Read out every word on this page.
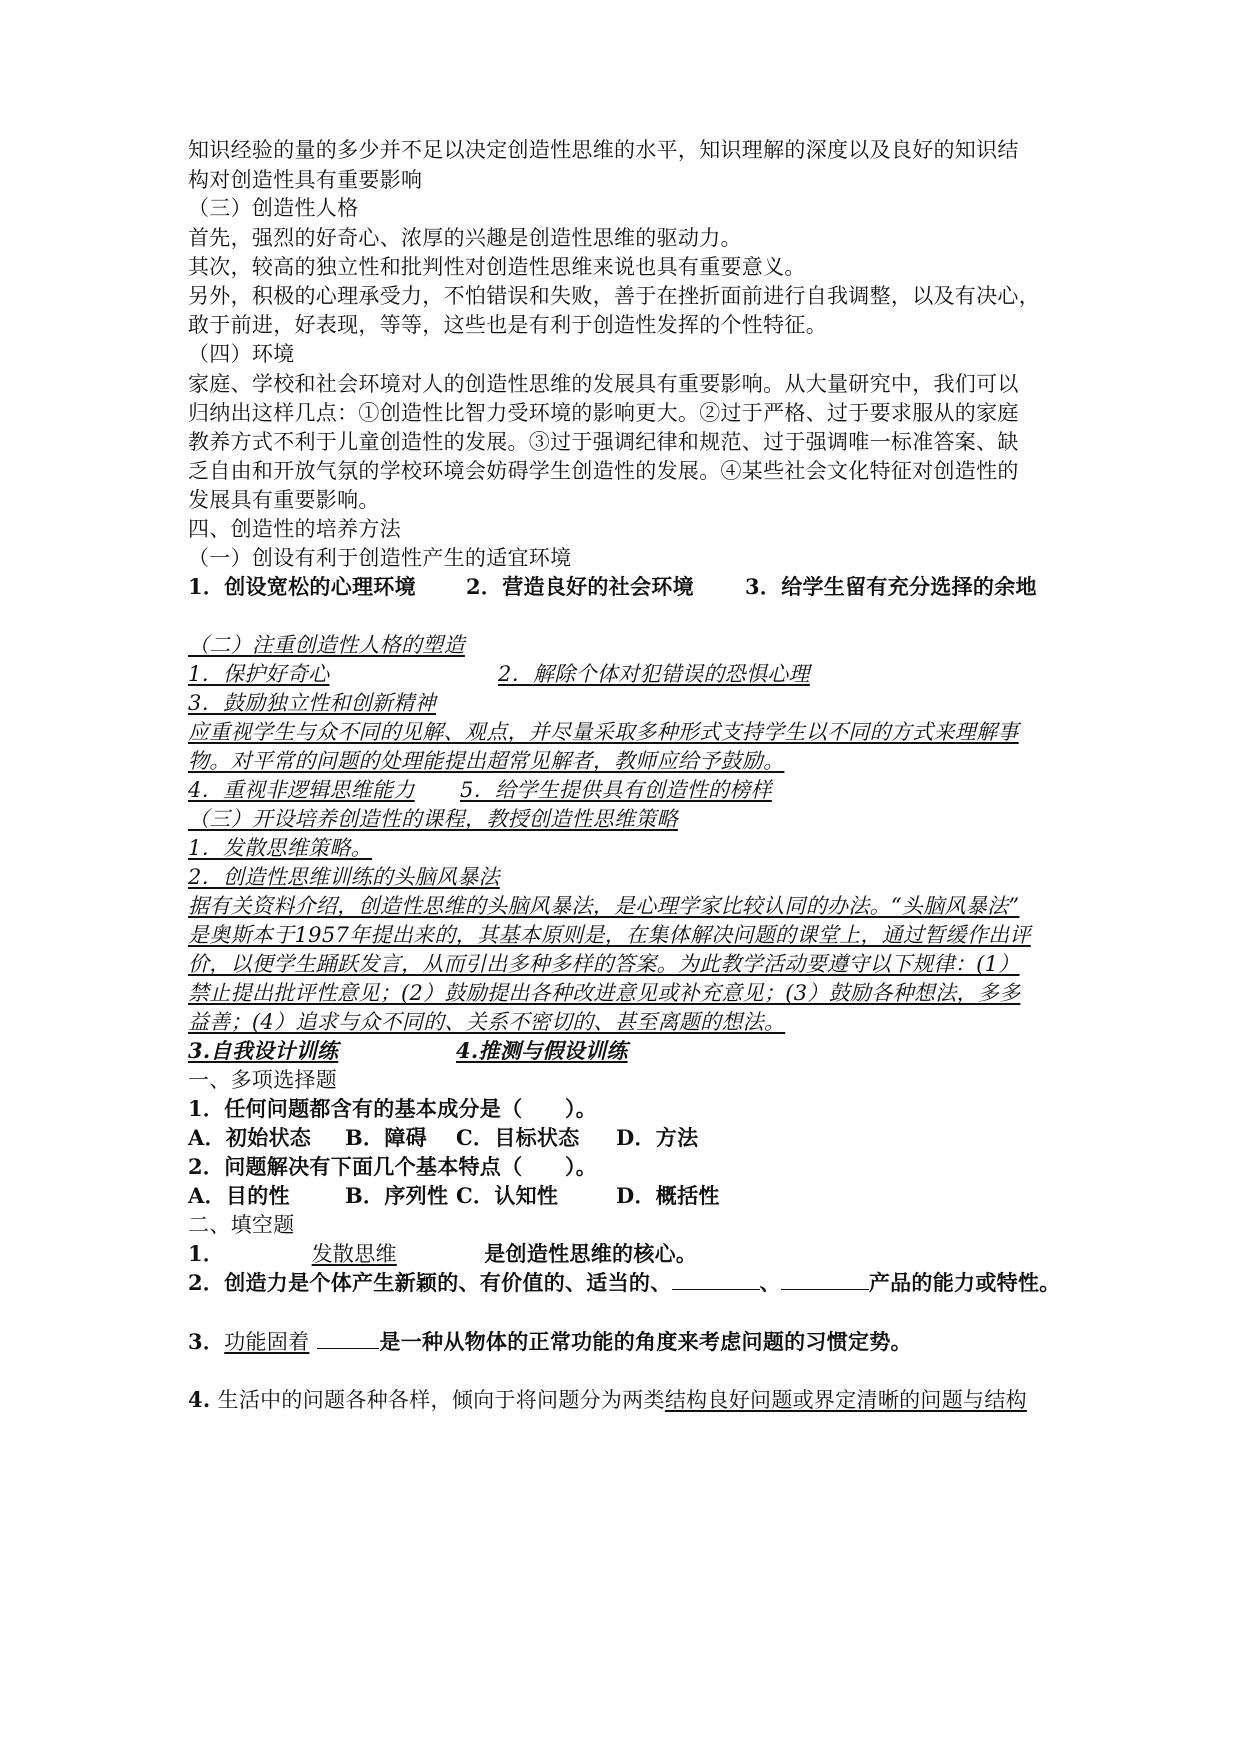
知识经验的量的多少并不足以决定创造性思维的水平，知识理解的深度以及良好的知识结
构对创造性具有重要影响
（三）创造性人格
首先，强烈的好奇心、浓厚的兴趣是创造性思维的驱动力。
其次，较高的独立性和批判性对创造性思维来说也具有重要意义。
另外，积极的心理承受力，不怕错误和失败，善于在挫折面前进行自我调整，以及有决心，
敢于前进，好表现，等等，这些也是有利于创造性发挥的个性特征。
（四）环境
家庭、学校和社会环境对人的创造性思维的发展具有重要影响。从大量研究中，我们可以
归纳出这样几点：①创造性比智力受环境的影响更大。②过于严格、过于要求服从的家庭
教养方式不利于儿童创造性的发展。③过于强调纪律和规范、过于强调唯一标准答案、缺
乏自由和开放气氛的学校环境会妨碍学生创造性的发展。④某些社会文化特征对创造性的
发展具有重要影响。
四、创造性的培养方法
（一）创设有利于创造性产生的适宜环境
1．创设宽松的心理环境 2．营造良好的社会环境 3．给学生留有充分选择的余地
（二）注重创造性人格的塑造
1．保护好奇心	2．解除个体对犯错误的恐惧心理
3．鼓励独立性和创新精神
应重视学生与众不同的见解、观点，并尽量采取多种形式支持学生以不同的方式来理解事
物。对平常的问题的处理能提出超常见解者，教师应给予鼓励。
4．重视非逻辑思维能力 5．给学生提供具有创造性的榜样
（三）开设培养创造性的课程，教授创造性思维策略
1．发散思维策略。
2．创造性思维训练的头脑风暴法
据有关资料介绍，创造性思维的头脑风暴法，是心理学家比较认同的办法。“头脑风暴法”
是奥斯本于1957年提出来的，其基本原则是，在集体解决问题的课堂上，通过暂缓作出评
价，以便学生踊跃发言，从而引出多种多样的答案。为此教学活动要遵守以下规律：(1）
禁止提出批评性意见；(2）鼓励提出各种改进意见或补充意见；(3）鼓励各种想法，多多
益善；(4）追求与众不同的、关系不密切的、甚至离题的想法。
3.自我设计训练	4.推测与假设训练
一、多项选择题
1．任何问题都含有的基本成分是（　　）。
A．初始状态 B．障碍 C．目标状态 D．方法
2．问题解决有下面几个基本特点（　　）。
A．目的性	B．序列性 C．认知性	D．概括性
二、填空题
1．	发散思维	是创造性思维的核心。
2．创造力是个体产生新颖的、有价值的、适当的、	、	产品的能力或特性。
3．功能固着	是一种从物体的正常功能的角度来考虑问题的习惯定势。
4. 生活中的问题各种各样，倾向于将问题分为两类结构良好问题或界定清晰的问题与结构
